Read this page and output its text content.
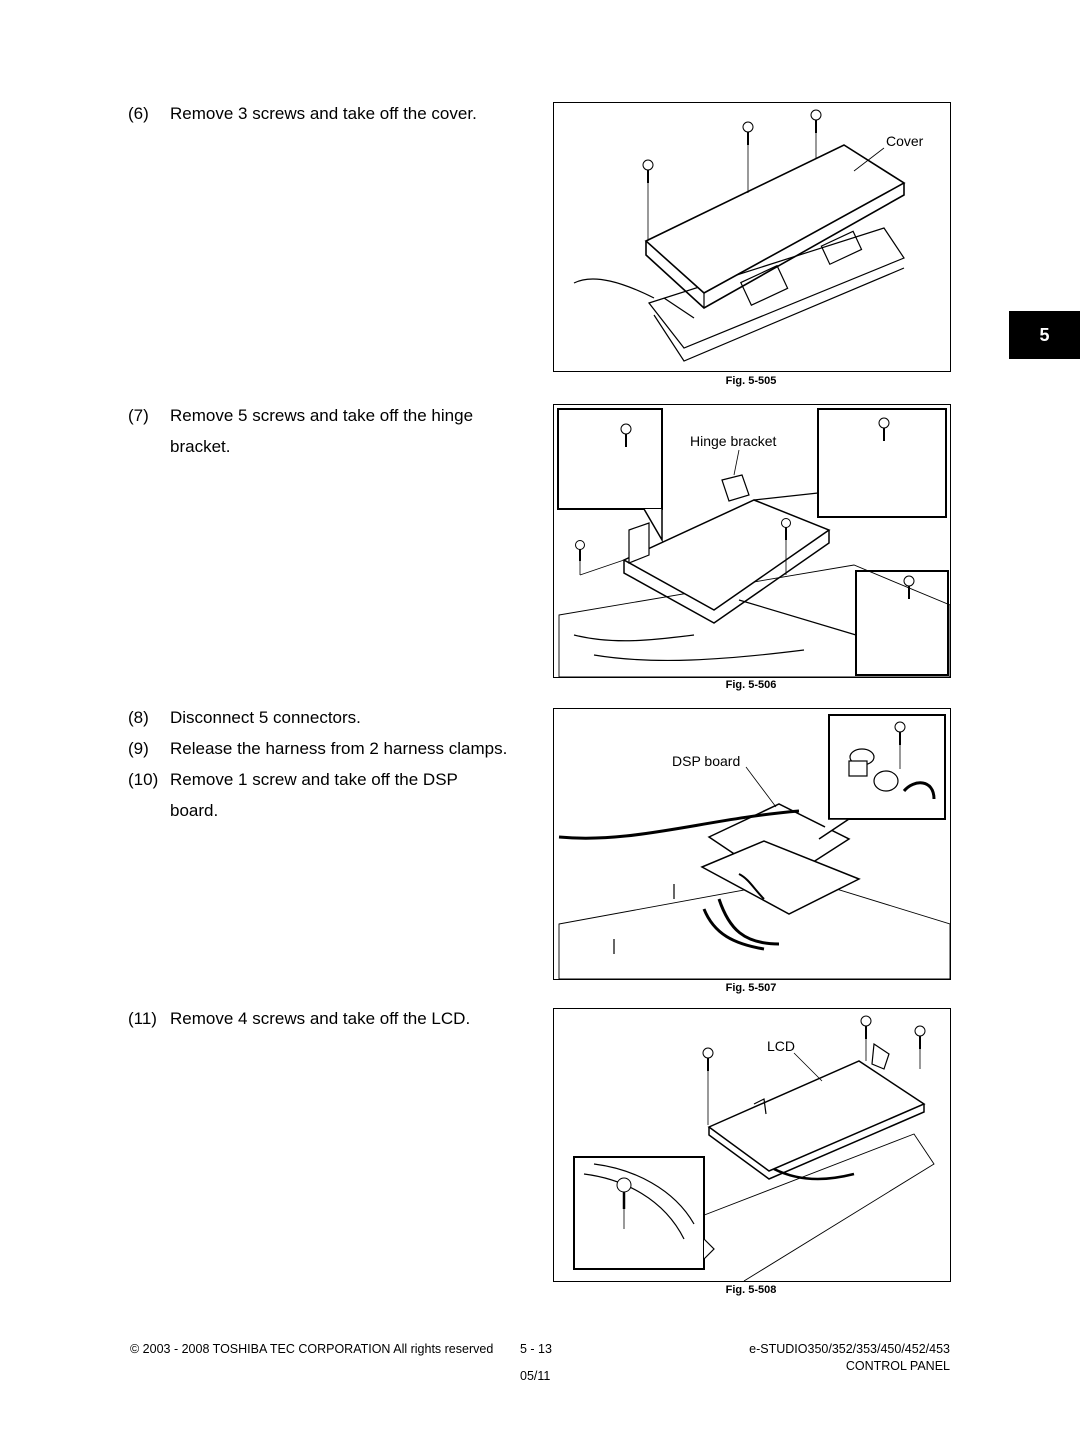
(6)	Remove 3 screws and take off the cover.
(7)	Remove 5 screws and take off the hinge bracket.
(8)	Disconnect 5 connectors.
(9)	Release the harness from 2 harness clamps.
(10) Remove 1 screw and take off the DSP board.
(11) Remove 4 screws and take off the LCD.
Cover
Fig. 5-505
Hinge bracket
Fig. 5-506
DSP board
Fig. 5-507
LCD
Fig. 5-508
5
© 2003 - 2008 TOSHIBA TEC CORPORATION All rights reserved 5 - 13
05/11
e-STUDIO350/352/353/450/452/453
CONTROL PANEL
